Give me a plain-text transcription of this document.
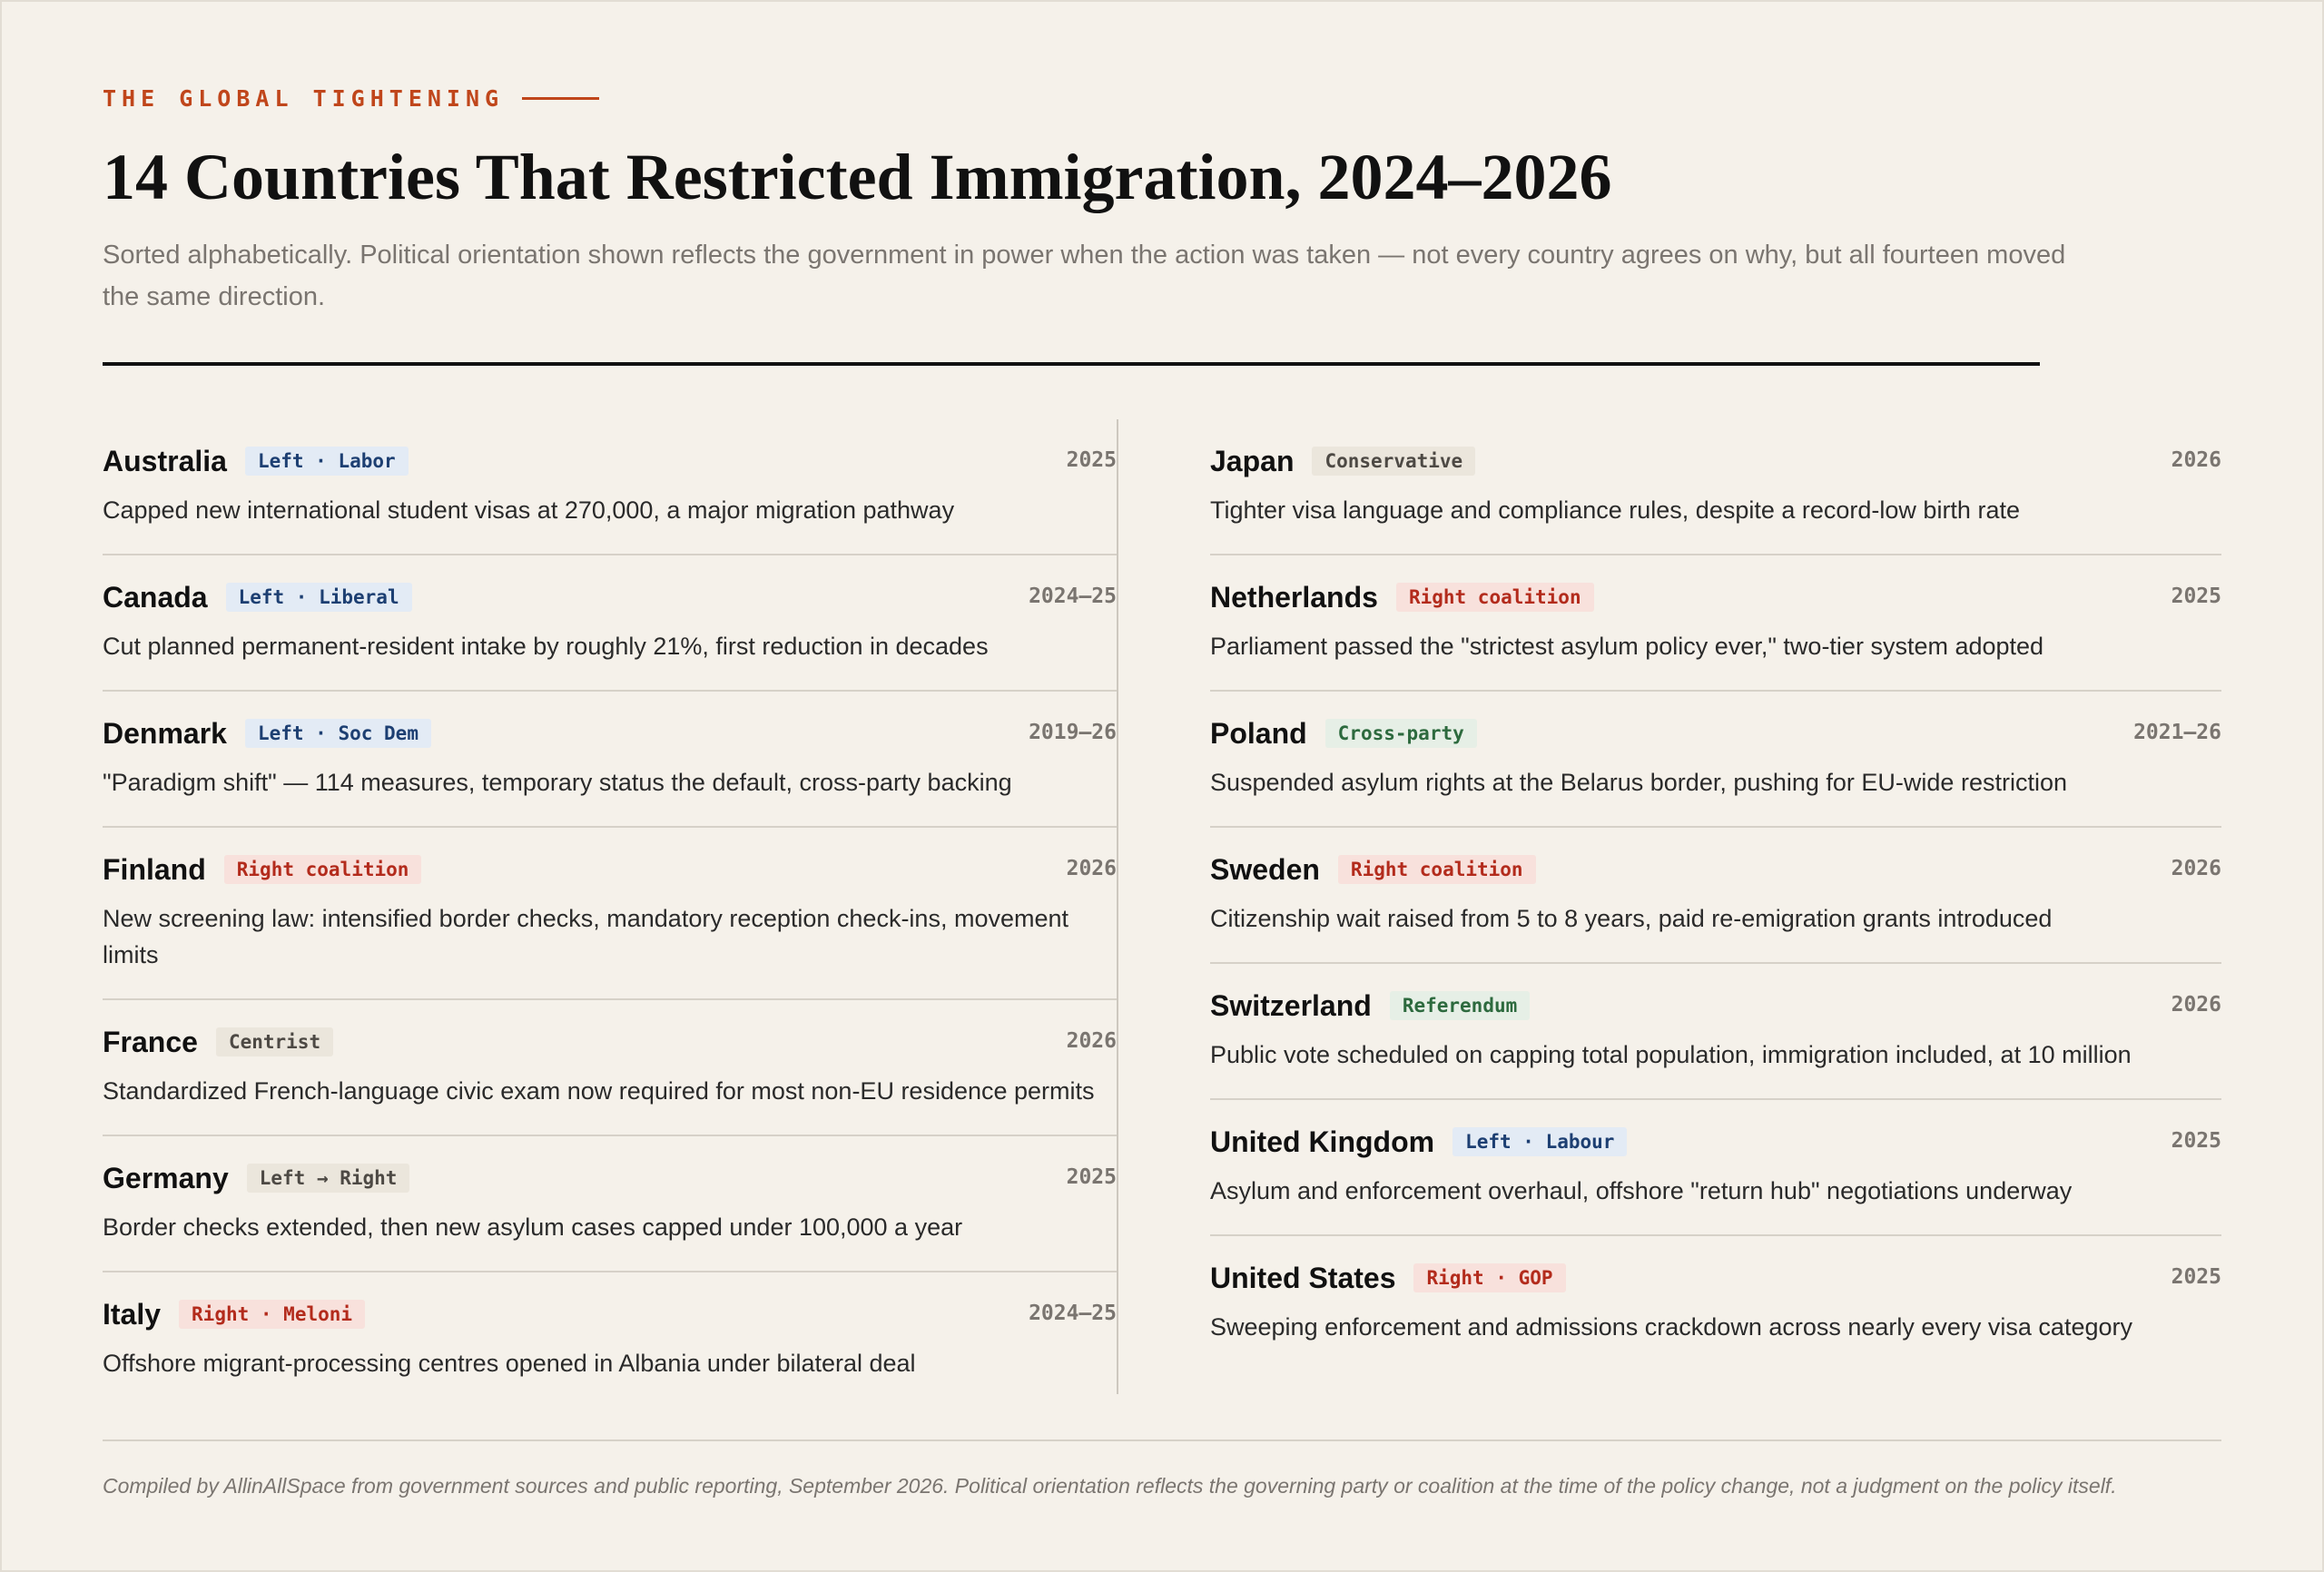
THE GLOBAL TIGHTENING
14 Countries That Restricted Immigration, 2024–2026

Sorted alphabetically. Political orientation shown reflects the government in power when the action was taken — not every country agrees on why, but all fourteen moved the same direction.

Australia	Left · Labor	2025
Capped new international student visas at 270,000, a major migration pathway
Canada	Left · Liberal	2024–25
Cut planned permanent-resident intake by roughly 21%, first reduction in decades
Denmark	Left · Soc Dem	2019–26
"Paradigm shift" — 114 measures, temporary status the default, cross-party backing
Finland	Right coalition	2026
New screening law: intensified border checks, mandatory reception check-ins, movement limits
France	Centrist	2026
Standardized French-language civic exam now required for most non-EU residence permits
Germany	Left → Right	2025
Border checks extended, then new asylum cases capped under 100,000 a year
Italy	Right · Meloni	2024–25
Offshore migrant-processing centres opened in Albania under bilateral deal
Japan	Conservative	2026
Tighter visa language and compliance rules, despite a record-low birth rate
Netherlands	Right coalition	2025
Parliament passed the "strictest asylum policy ever," two-tier system adopted
Poland	Cross-party	2021–26
Suspended asylum rights at the Belarus border, pushing for EU-wide restriction
Sweden	Right coalition	2026
Citizenship wait raised from 5 to 8 years, paid re-emigration grants introduced
Switzerland	Referendum	2026
Public vote scheduled on capping total population, immigration included, at 10 million
United Kingdom	Left · Labour	2025
Asylum and enforcement overhaul, offshore "return hub" negotiations underway
United States	Right · GOP	2025
Sweeping enforcement and admissions crackdown across nearly every visa category

Compiled by AllinAllSpace from government sources and public reporting, September 2026. Political orientation reflects the governing party or coalition at the time of the policy change, not a judgment on the policy itself.
